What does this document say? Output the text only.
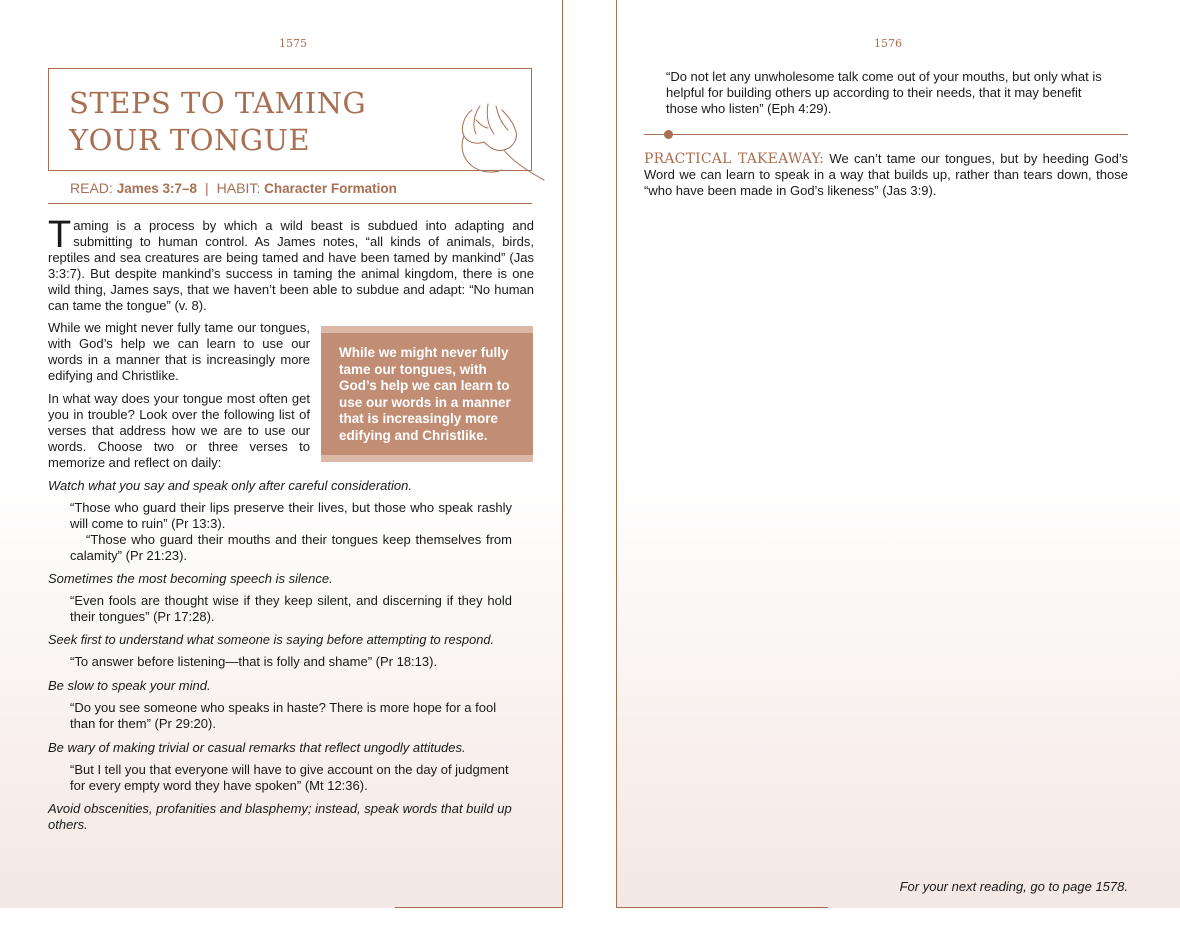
1575
STEPS TO TAMING
YOUR TONGUE
READ: James 3:7–8 | HABIT: Character Formation

Taming is a process by which a wild beast is subdued into adapting and submitting to human control. As James notes, “all kinds of animals, birds, reptiles and sea creatures are being tamed and have been tamed by mankind” (Jas 3:3:7). But despite mankind’s success in taming the animal kingdom, there is one wild thing, James says, that we haven’t been able to subdue and adapt: “No human can tame the tongue” (v. 8).

While we might never fully tame our tongues, with God’s help we can learn to use our words in a manner that is increasingly more edifying and Christlike.

In what way does your tongue most often get you in trouble? Look over the following list of verses that address how we are to use our words. Choose two or three verses to memorize and reflect on daily:

While we might never fully tame our tongues, with God’s help we can learn to use our words in a manner that is increasingly more edifying and Christlike.

Watch what you say and speak only after careful consideration.

“Those who guard their lips preserve their lives, but those who speak rashly will come to ruin” (Pr 13:3).

“Those who guard their mouths and their tongues keep themselves from calamity” (Pr 21:23).

Sometimes the most becoming speech is silence.

“Even fools are thought wise if they keep silent, and discerning if they hold their tongues” (Pr 17:28).

Seek first to understand what someone is saying before attempting to respond.

“To answer before listening—that is folly and shame” (Pr 18:13).

Be slow to speak your mind.

“Do you see someone who speaks in haste? There is more hope for a fool than for them” (Pr 29:20).

Be wary of making trivial or casual remarks that reflect ungodly attitudes.

“But I tell you that everyone will have to give account on the day of judgment for every empty word they have spoken” (Mt 12:36).

Avoid obscenities, profanities and blasphemy; instead, speak words that build up others.

1576

“Do not let any unwholesome talk come out of your mouths, but only what is helpful for building others up according to their needs, that it may benefit those who listen” (Eph 4:29).

PRACTICAL TAKEAWAY: We can’t tame our tongues, but by heeding God’s Word we can learn to speak in a way that builds up, rather than tears down, those “who have been made in God’s likeness” (Jas 3:9).

For your next reading, go to page 1578.
